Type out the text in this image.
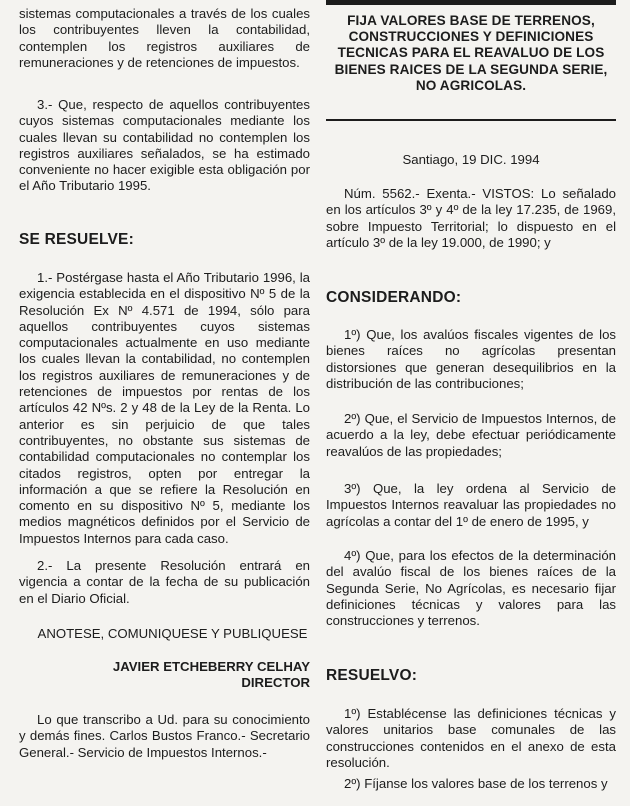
sistemas computacionales a través de los cuales los contribuyentes lleven la contabilidad, contemplen los registros auxiliares de remuneraciones y de retenciones de impuestos.

3.- Que, respecto de aquellos contribuyentes cuyos sistemas computacionales mediante los cuales llevan su contabilidad no contemplen los registros auxiliares señalados, se ha estimado conveniente no hacer exigible esta obligación por el Año Tributario 1995.

SE RESUELVE:

1.- Postérgase hasta el Año Tributario 1996, la exigencia establecida en el dispositivo Nº 5 de la Resolución Ex Nº 4.571 de 1994, sólo para aquellos contribuyentes cuyos sistemas computacionales actualmente en uso mediante los cuales llevan la contabilidad, no contemplen los registros auxiliares de remuneraciones y de retenciones de impuestos por rentas de los artículos 42 Nºs. 2 y 48 de la Ley de la Renta. Lo anterior es sin perjuicio de que tales contribuyentes, no obstante sus sistemas de contabilidad computacionales no contemplar los citados registros, opten por entregar la información a que se refiere la Resolución en comento en su dispositivo Nº 5, mediante los medios magnéticos definidos por el Servicio de Impuestos Internos para cada caso.

2.- La presente Resolución entrará en vigencia a contar de la fecha de su publicación en el Diario Oficial.

ANOTESE, COMUNIQUESE Y PUBLIQUESE

JAVIER ETCHEBERRY CELHAY
DIRECTOR

Lo que transcribo a Ud. para su conocimiento y demás fines. Carlos Bustos Franco.- Secretario General.- Servicio de Impuestos Internos.-

FIJA VALORES BASE DE TERRENOS,
CONSTRUCCIONES Y DEFINICIONES
TECNICAS PARA EL REAVALUO DE LOS
BIENES RAICES DE LA SEGUNDA SERIE,
NO AGRICOLAS.

Santiago, 19 DIC. 1994

Núm. 5562.- Exenta.- VISTOS: Lo señalado en los artículos 3º y 4º de la ley 17.235, de 1969, sobre Impuesto Territorial; lo dispuesto en el artículo 3º de la ley 19.000, de 1990; y

CONSIDERANDO:

1º) Que, los avalúos fiscales vigentes de los bienes raíces no agrícolas presentan distorsiones que generan desequilibrios en la distribución de las contribuciones;

2º) Que, el Servicio de Impuestos Internos, de acuerdo a la ley, debe efectuar periódicamente reavalúos de las propiedades;

3º) Que, la ley ordena al Servicio de Impuestos Internos reavaluar las propiedades no agrícolas a contar del 1º de enero de 1995, y

4º) Que, para los efectos de la determinación del avalúo fiscal de los bienes raíces de la Segunda Serie, No Agrícolas, es necesario fijar definiciones técnicas y valores para las construcciones y terrenos.

RESUELVO:

1º) Establécense las definiciones técnicas y valores unitarios base comunales de las construcciones contenidos en el anexo de esta resolución.

2º) Fíjanse los valores base de los terrenos y
